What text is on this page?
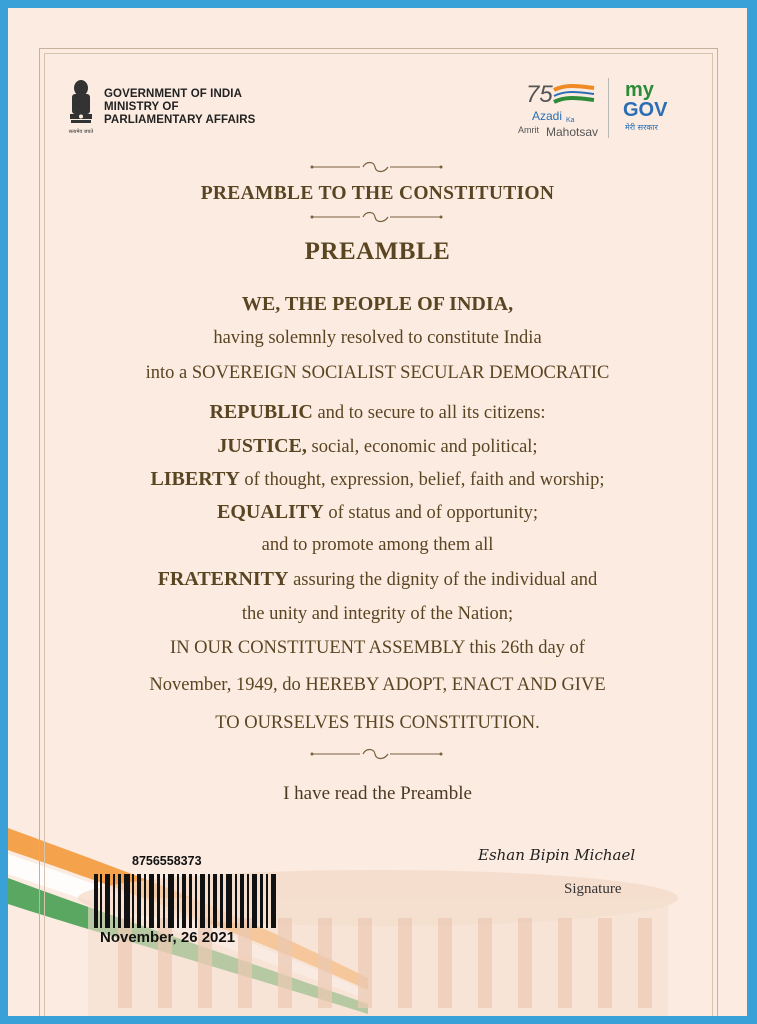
सत्यमेव जयते
GOVERNMENT OF INDIA
MINISTRY OF
PARLIAMENTARY AFFAIRS
75
Azadi Ka
Amrit Mahotsav
my
GOV
मेरी सरकार
PREAMBLE TO THE CONSTITUTION
PREAMBLE
WE, THE PEOPLE OF INDIA,
having solemnly resolved to constitute India
into a SOVEREIGN SOCIALIST SECULAR DEMOCRATIC
REPUBLIC and to secure to all its citizens:
JUSTICE, social, economic and political;
LIBERTY of thought, expression, belief, faith and worship;
EQUALITY of status and of opportunity;
and to promote among them all
FRATERNITY assuring the dignity of the individual and
the unity and integrity of the Nation;
IN OUR CONSTITUENT ASSEMBLY this 26th day of
November, 1949, do HEREBY ADOPT, ENACT AND GIVE
TO OURSELVES THIS CONSTITUTION.
I have read the Preamble
Eshan Bipin Michael
Signature
8756558373
November, 26 2021
